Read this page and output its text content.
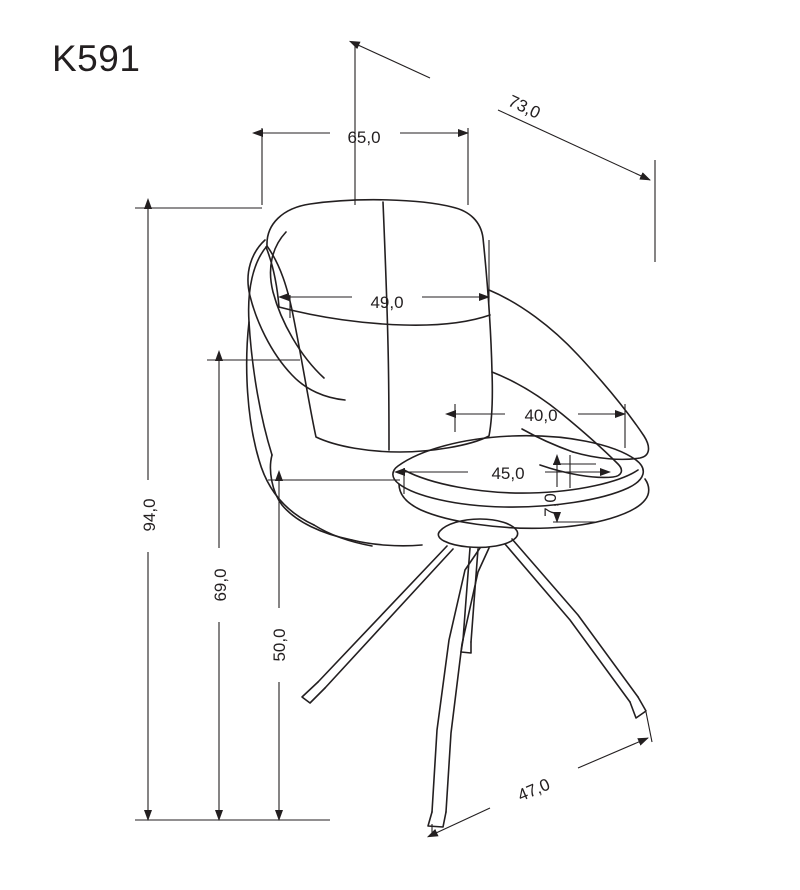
K591
73,0
65,0
49,0
40,0
45,0
7,0
94,0
69,0
50,0
47,0
